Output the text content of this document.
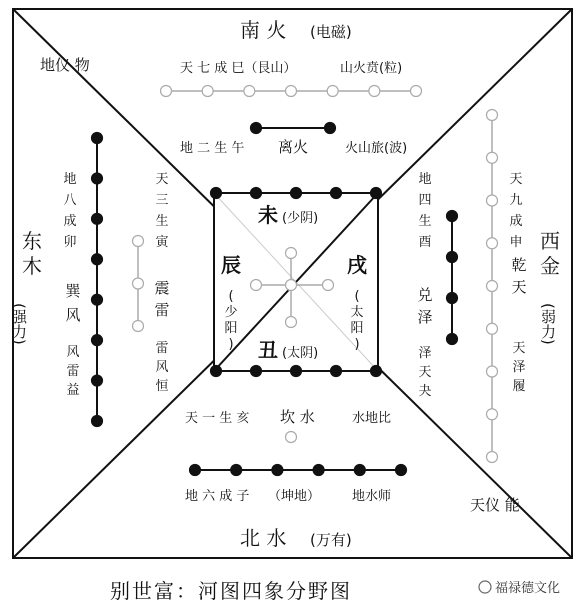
南 火 (电磁)
北 水 (万有)
东
木
(强力)
西
金
(弱力)
地仪 物
天仪 能
天 七 成 巳（艮山）	山火贲(粒)
地 二 生 午 离火	火山旅(波)
天 一 生 亥 坎 水	水地比
地 六 成 子 （坤地） 地水师
地
八
成
卯
巽
风
风
雷
益
天
三
生
寅
震
雷
雷
风
恒
地
四
生
酉
兑
泽
泽
天
夬
天
九
成
申
乾
天
天
泽
履
未 (少阴)
丑 (太阴)
辰
(
少
阳
)
戌
(
太
阳
)
别世富：河图四象分野图	福禄德文化
